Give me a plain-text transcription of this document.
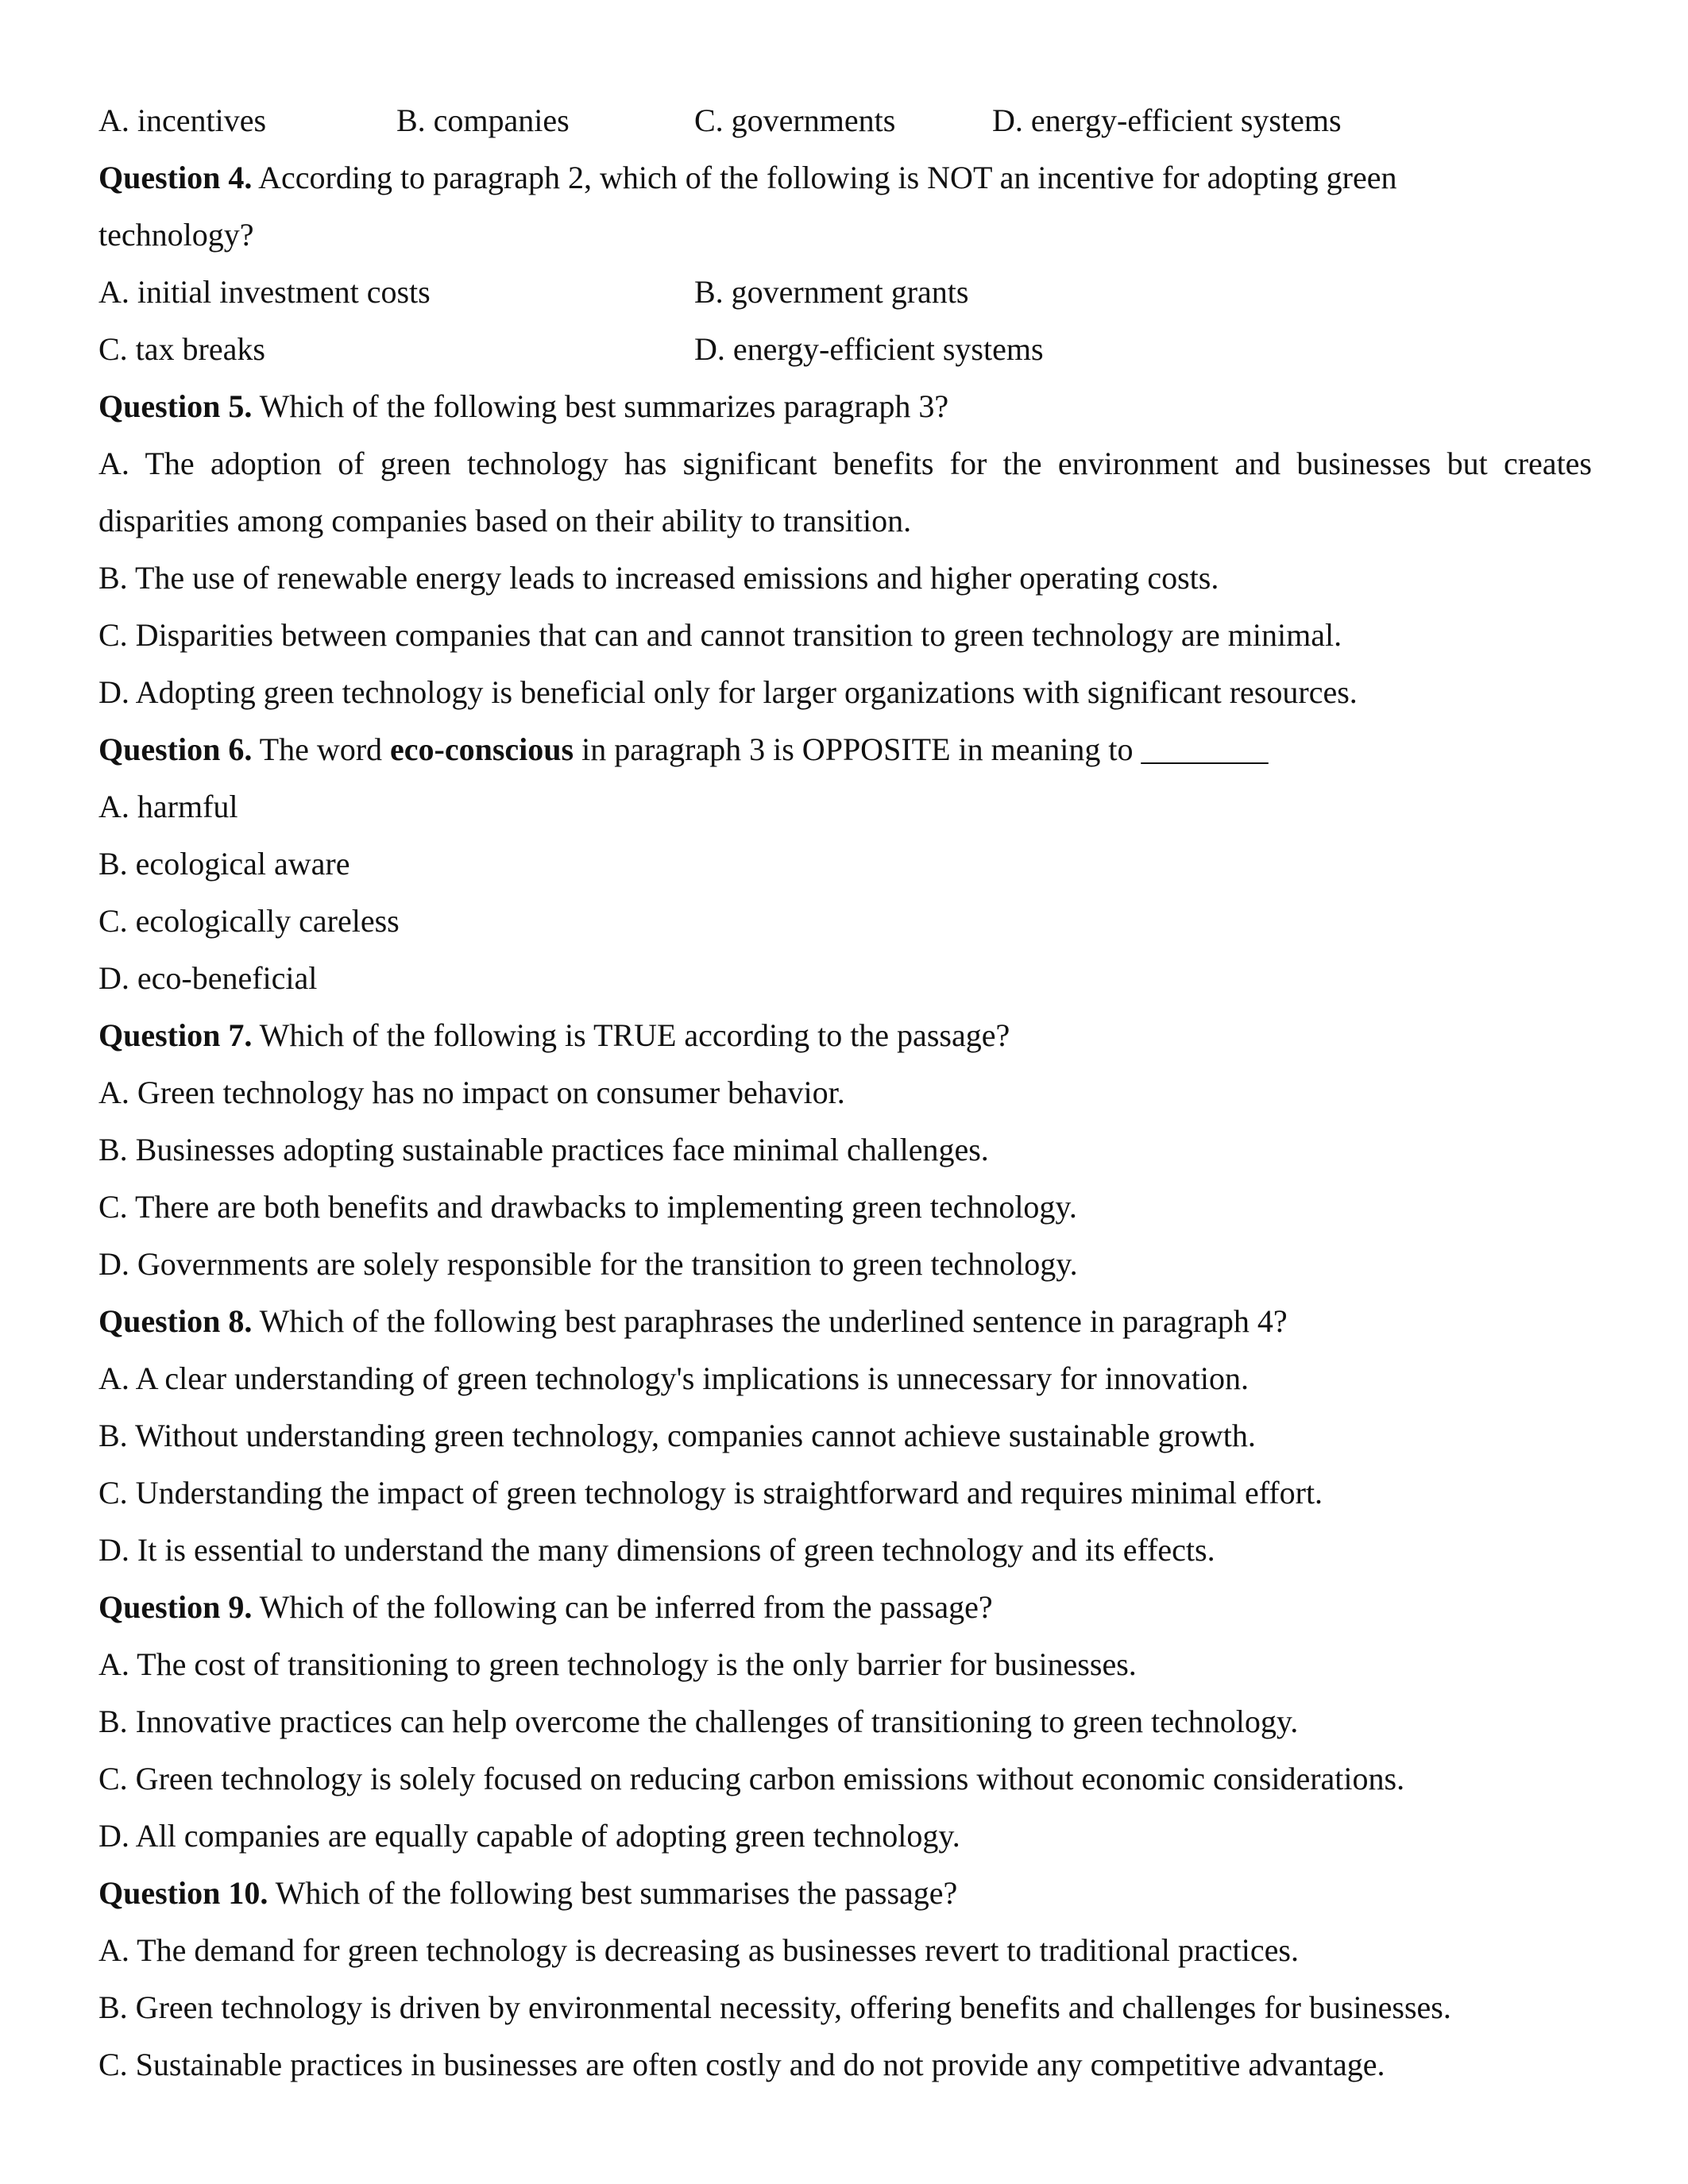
A. incentives	B. companies	C. governments	D. energy-efficient systems
Question 4. According to paragraph 2, which of the following is NOT an incentive for adopting green
technology?
A. initial investment costs	B. government grants
C. tax breaks	D. energy-efficient systems
Question 5. Which of the following best summarizes paragraph 3?
A. The adoption of green technology has significant benefits for the environment and businesses but creates
disparities among companies based on their ability to transition.
B. The use of renewable energy leads to increased emissions and higher operating costs.
C. Disparities between companies that can and cannot transition to green technology are minimal.
D. Adopting green technology is beneficial only for larger organizations with significant resources.
Question 6. The word eco-conscious in paragraph 3 is OPPOSITE in meaning to ________
A. harmful
B. ecological aware
C. ecologically careless
D. eco-beneficial
Question 7. Which of the following is TRUE according to the passage?
A. Green technology has no impact on consumer behavior.
B. Businesses adopting sustainable practices face minimal challenges.
C. There are both benefits and drawbacks to implementing green technology.
D. Governments are solely responsible for the transition to green technology.
Question 8. Which of the following best paraphrases the underlined sentence in paragraph 4?
A. A clear understanding of green technology's implications is unnecessary for innovation.
B. Without understanding green technology, companies cannot achieve sustainable growth.
C. Understanding the impact of green technology is straightforward and requires minimal effort.
D. It is essential to understand the many dimensions of green technology and its effects.
Question 9. Which of the following can be inferred from the passage?
A. The cost of transitioning to green technology is the only barrier for businesses.
B. Innovative practices can help overcome the challenges of transitioning to green technology.
C. Green technology is solely focused on reducing carbon emissions without economic considerations.
D. All companies are equally capable of adopting green technology.
Question 10. Which of the following best summarises the passage?
A. The demand for green technology is decreasing as businesses revert to traditional practices.
B. Green technology is driven by environmental necessity, offering benefits and challenges for businesses.
C. Sustainable practices in businesses are often costly and do not provide any competitive advantage.
